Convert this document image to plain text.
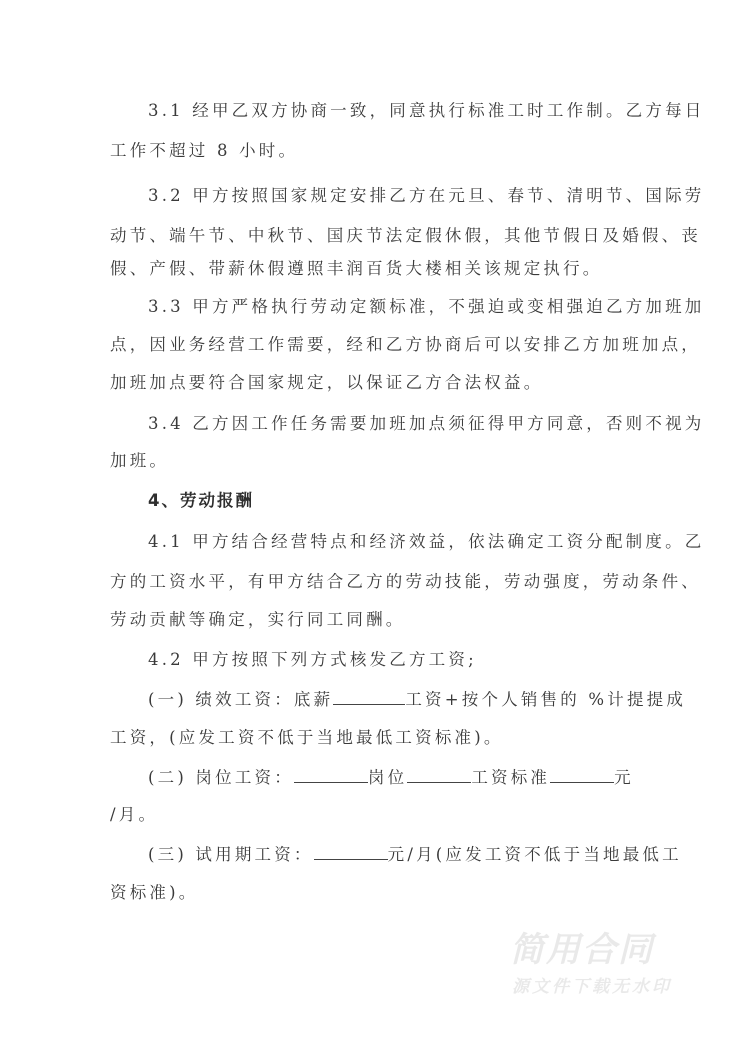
3.1 经甲乙双方协商一致，同意执行标准工时工作制。乙方每日
工作不超过 8 小时。
3.2 甲方按照国家规定安排乙方在元旦、春节、清明节、国际劳
动节、端午节、中秋节、国庆节法定假休假，其他节假日及婚假、丧
假、产假、带薪休假遵照丰润百货大楼相关该规定执行。
3.3 甲方严格执行劳动定额标准，不强迫或变相强迫乙方加班加
点，因业务经营工作需要，经和乙方协商后可以安排乙方加班加点，
加班加点要符合国家规定，以保证乙方合法权益。
3.4 乙方因工作任务需要加班加点须征得甲方同意，否则不视为
加班。
4、劳动报酬
4.1 甲方结合经营特点和经济效益，依法确定工资分配制度。乙
方的工资水平，有甲方结合乙方的劳动技能，劳动强度，劳动条件、
劳动贡献等确定，实行同工同酬。
4.2 甲方按照下列方式核发乙方工资;
(一) 绩效工资：底薪	工资+按个人销售的 %计提提成
工资，(应发工资不低于当地最低工资标准)。
(二) 岗位工资：	岗位	工资标准	元
/月。
(三) 试用期工资：	元/月(应发工资不低于当地最低工
资标准)。
简用合同
源文件下载无水印
